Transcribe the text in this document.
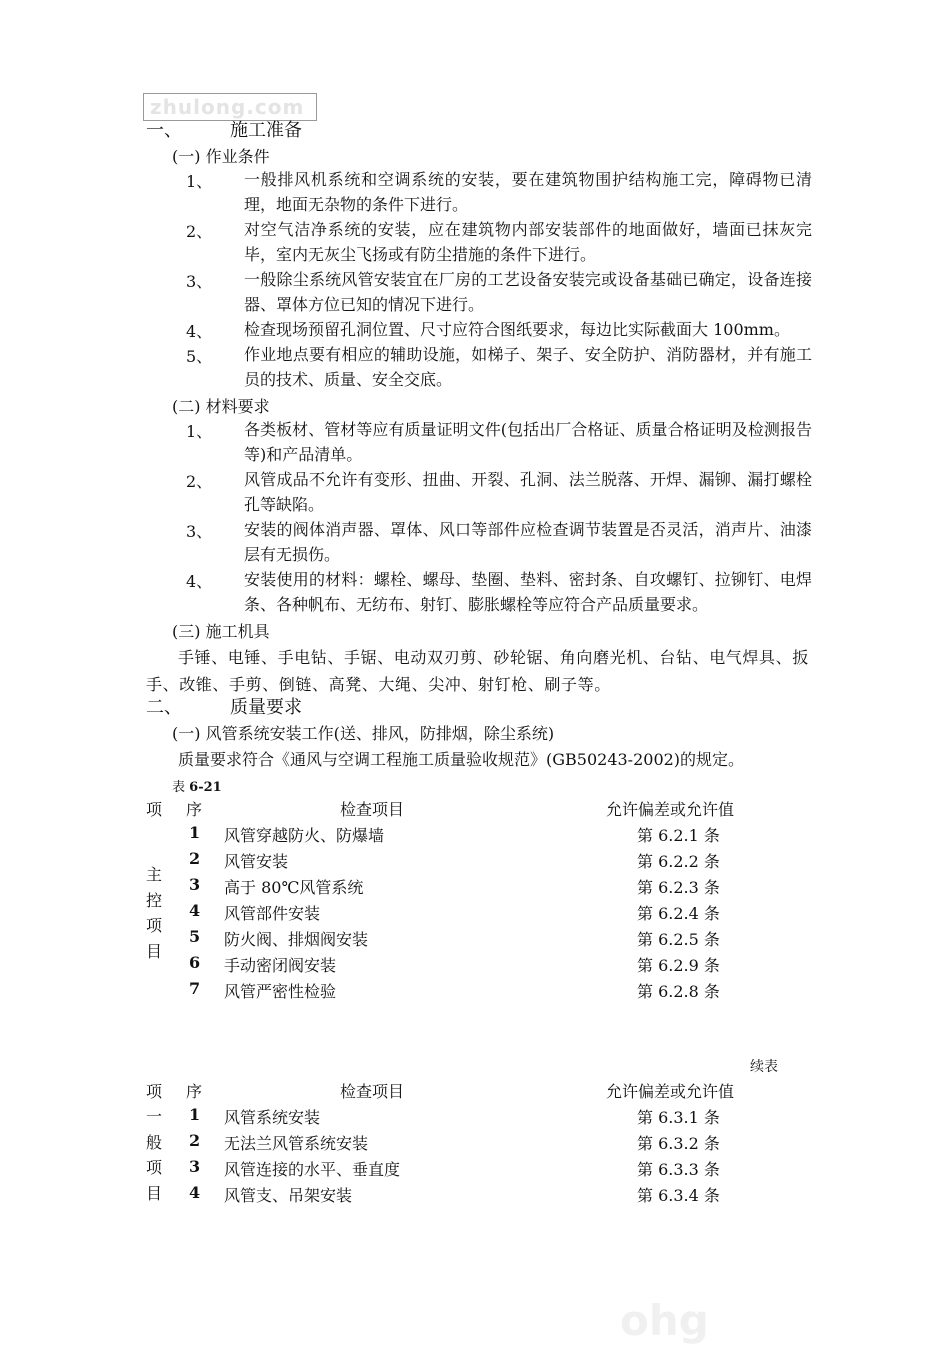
zhulong.com
一、	施工准备
(一) 作业条件
1、 一般排风机系统和空调系统的安装，要在建筑物围护结构施工完，障碍物已清理，地面无杂物的条件下进行。
2、 对空气洁净系统的安装，应在建筑物内部安装部件的地面做好，墙面已抹灰完毕，室内无灰尘飞扬或有防尘措施的条件下进行。
3、 一般除尘系统风管安装宜在厂房的工艺设备安装完或设备基础已确定，设备连接器、罩体方位已知的情况下进行。
4、 检查现场预留孔洞位置、尺寸应符合图纸要求，每边比实际截面大 100mm。
5、 作业地点要有相应的辅助设施，如梯子、架子、安全防护、消防器材，并有施工员的技术、质量、安全交底。
(二) 材料要求
1、 各类板材、管材等应有质量证明文件(包括出厂合格证、质量合格证明及检测报告等)和产品清单。
2、 风管成品不允许有变形、扭曲、开裂、孔洞、法兰脱落、开焊、漏铆、漏打螺栓孔等缺陷。
3、 安装的阀体消声器、罩体、风口等部件应检查调节装置是否灵活，消声片、油漆层有无损伤。
4、 安装使用的材料：螺栓、螺母、垫圈、垫料、密封条、自攻螺钉、拉铆钉、电焊条、各种帆布、无纺布、射钉、膨胀螺栓等应符合产品质量要求。
(三) 施工机具
手锤、电锤、手电钻、手锯、电动双刃剪、砂轮锯、角向磨光机、台钻、电气焊具、扳
手、改锥、手剪、倒链、高凳、大绳、尖冲、射钉枪、刷子等。
二、	质量要求
(一) 风管系统安装工作(送、排风，防排烟，除尘系统)
质量要求符合《通风与空调工程施工质量验收规范》(GB50243-2002)的规定。
表 6-21
项 序	检查项目	允许偏差或允许值
主控项目
1 风管穿越防火、防爆墙	第 6.2.1 条
2 风管安装	第 6.2.2 条
3 高于 80℃风管系统	第 6.2.3 条
4 风管部件安装	第 6.2.4 条
5 防火阀、排烟阀安装	第 6.2.5 条
6 手动密闭阀安装	第 6.2.9 条
7 风管严密性检验	第 6.2.8 条
续表
项 序	检查项目	允许偏差或允许值
一般项目
1 风管系统安装	第 6.3.1 条
2 无法兰风管系统安装	第 6.3.2 条
3 风管连接的水平、垂直度	第 6.3.3 条
4 风管支、吊架安装	第 6.3.4 条
ohg
